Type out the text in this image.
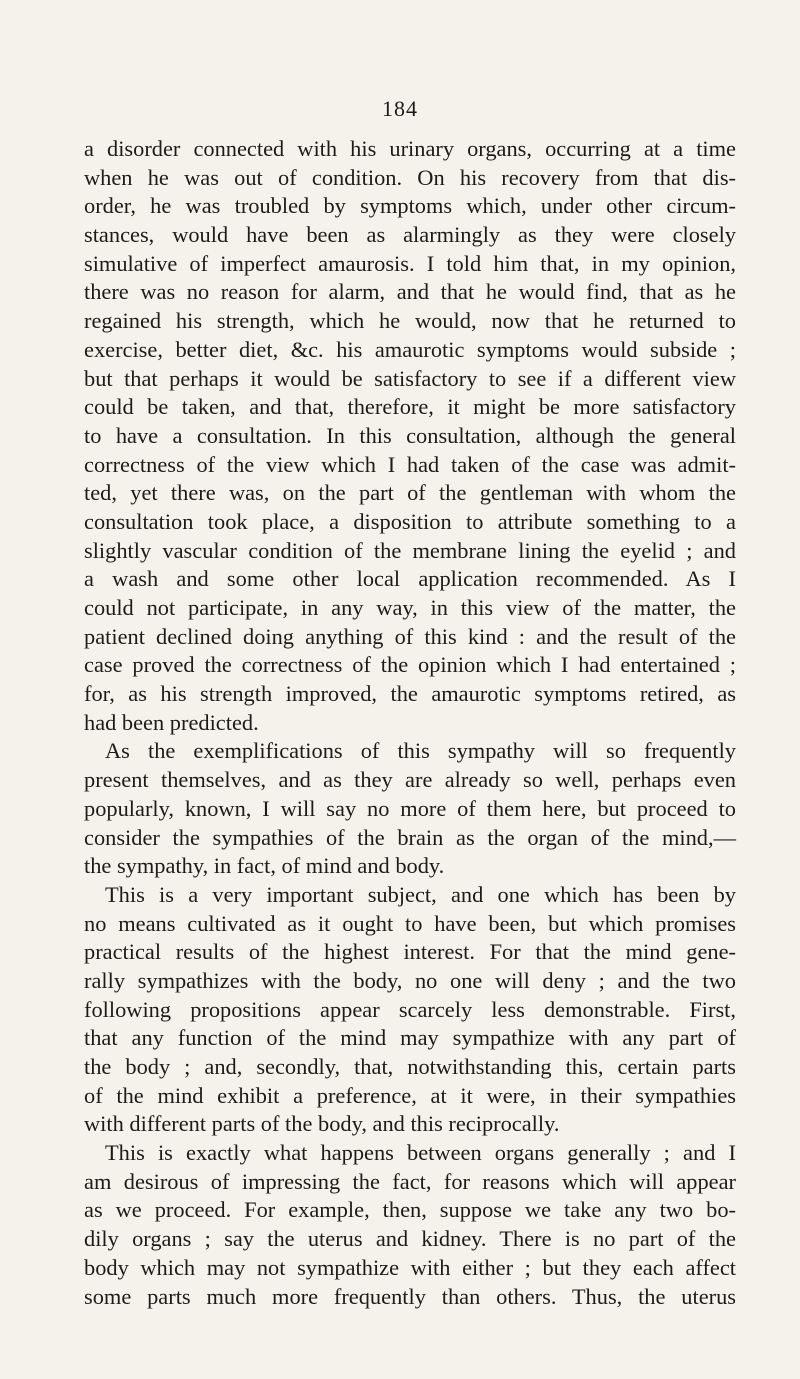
184
a disorder connected with his urinary organs, occurring at a time
when he was out of condition. On his recovery from that dis-
order, he was troubled by symptoms which, under other circum-
stances, would have been as alarmingly as they were closely
simulative of imperfect amaurosis. I told him that, in my opinion,
there was no reason for alarm, and that he would find, that as he
regained his strength, which he would, now that he returned to
exercise, better diet, &c. his amaurotic symptoms would subside ;
but that perhaps it would be satisfactory to see if a different view
could be taken, and that, therefore, it might be more satisfactory
to have a consultation. In this consultation, although the general
correctness of the view which I had taken of the case was admit-
ted, yet there was, on the part of the gentleman with whom the
consultation took place, a disposition to attribute something to a
slightly vascular condition of the membrane lining the eyelid ; and
a wash and some other local application recommended. As I
could not participate, in any way, in this view of the matter, the
patient declined doing anything of this kind : and the result of the
case proved the correctness of the opinion which I had entertained ;
for, as his strength improved, the amaurotic symptoms retired, as
had been predicted.
As the exemplifications of this sympathy will so frequently
present themselves, and as they are already so well, perhaps even
popularly, known, I will say no more of them here, but proceed to
consider the sympathies of the brain as the organ of the mind,—
the sympathy, in fact, of mind and body.
This is a very important subject, and one which has been by
no means cultivated as it ought to have been, but which promises
practical results of the highest interest. For that the mind gene-
rally sympathizes with the body, no one will deny ; and the two
following propositions appear scarcely less demonstrable. First,
that any function of the mind may sympathize with any part of
the body ; and, secondly, that, notwithstanding this, certain parts
of the mind exhibit a preference, at it were, in their sympathies
with different parts of the body, and this reciprocally.
This is exactly what happens between organs generally ; and I
am desirous of impressing the fact, for reasons which will appear
as we proceed. For example, then, suppose we take any two bo-
dily organs ; say the uterus and kidney. There is no part of the
body which may not sympathize with either ; but they each affect
some parts much more frequently than others. Thus, the uterus
